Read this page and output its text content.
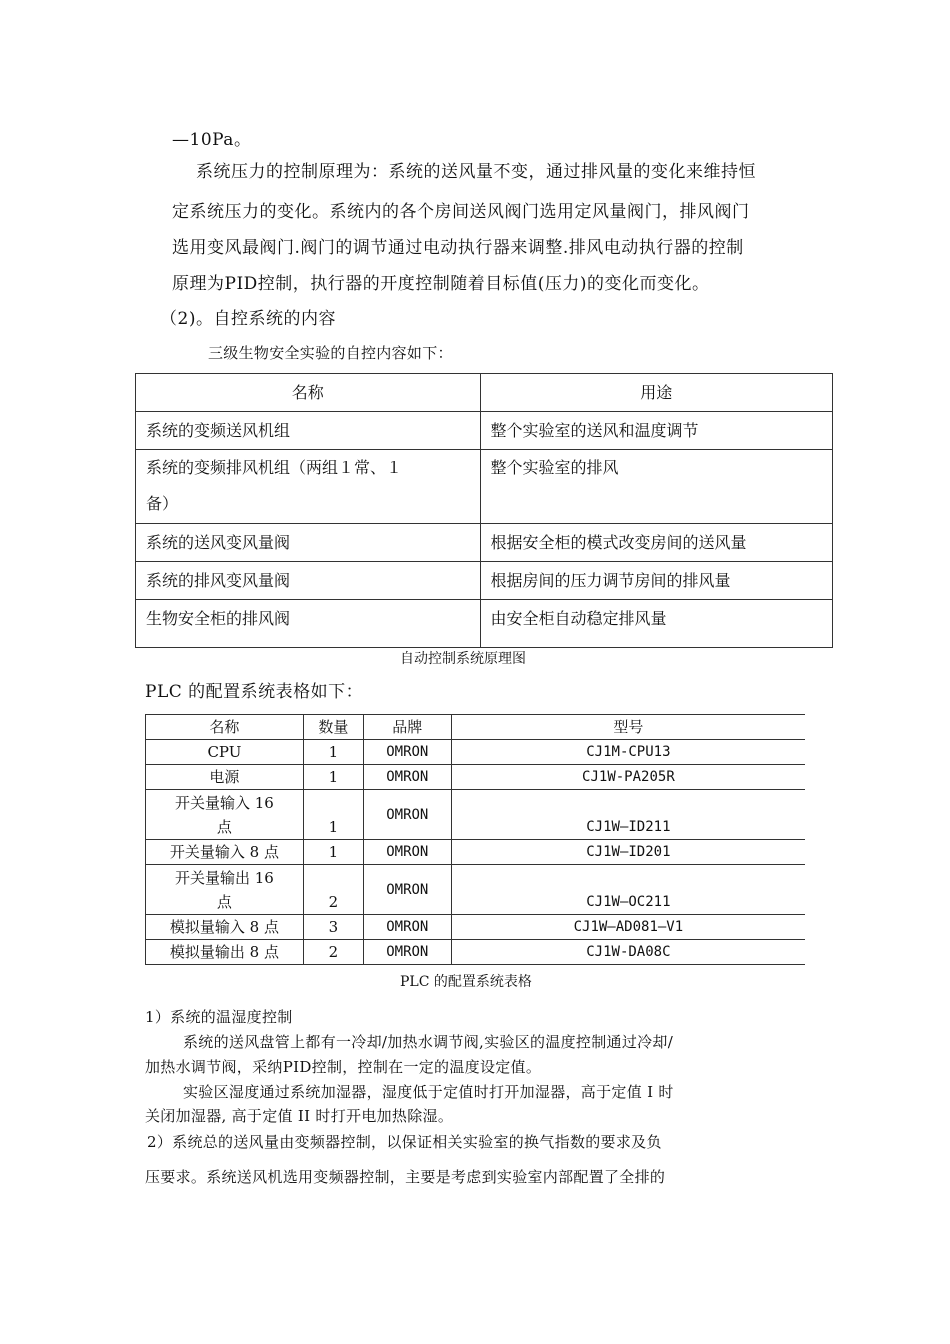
—10Pa。
系统压力的控制原理为：系统的送风量不变，通过排风量的变化来维持恒
定系统压力的变化。系统内的各个房间送风阀门选用定风量阀门，排风阀门
选用变风最阀门.阀门的调节通过电动执行器来调整.排风电动执行器的控制
原理为PID控制，执行器的开度控制随着目标值(压力)的变化而变化。
（2)。自控系统的内容
三级生物安全实验的自控内容如下：
名称	用途
系统的变频送风机组	整个实验室的送风和温度调节

系统的变频排风机组（两组１常、１
备）	整个实验室的排风
系统的送风变风量阀	根据安全柜的模式改变房间的送风量
系统的排风变风量阀	根据房间的压力调节房间的排风量
生物安全柜的排风阀	由安全柜自动稳定排风量
自动控制系统原理图
PLC 的配置系统表格如下：
名称	数量	品牌	型号
CPU	1	OMRON	CJ1M-CPU13
电源	1	OMRON	CJ1W-PA205R

开关量输入 16
点	1	OMRON	CJ1W—ID211
开关量输入 8 点	1	OMRON	CJ1W—ID201

开关量输出 16
点	2	OMRON	CJ1W—OC211
模拟量输入 8 点	3	OMRON	CJ1W—AD081—V1
模拟量输出 8 点	2	OMRON	CJ1W-DA08C
PLC 的配置系统表格
1）系统的温湿度控制
系统的送风盘管上都有一冷却/加热水调节阀,实验区的温度控制通过冷却/
加热水调节阀，采纳PID控制，控制在一定的温度设定值。
实验区湿度通过系统加湿器，湿度低于定值时打开加湿器，高于定值 I 时
关闭加湿器, 高于定值 II 时打开电加热除湿。
2）系统总的送风量由变频器控制，以保证相关实验室的换气指数的要求及负
压要求。系统送风机选用变频器控制，主要是考虑到实验室内部配置了全排的
